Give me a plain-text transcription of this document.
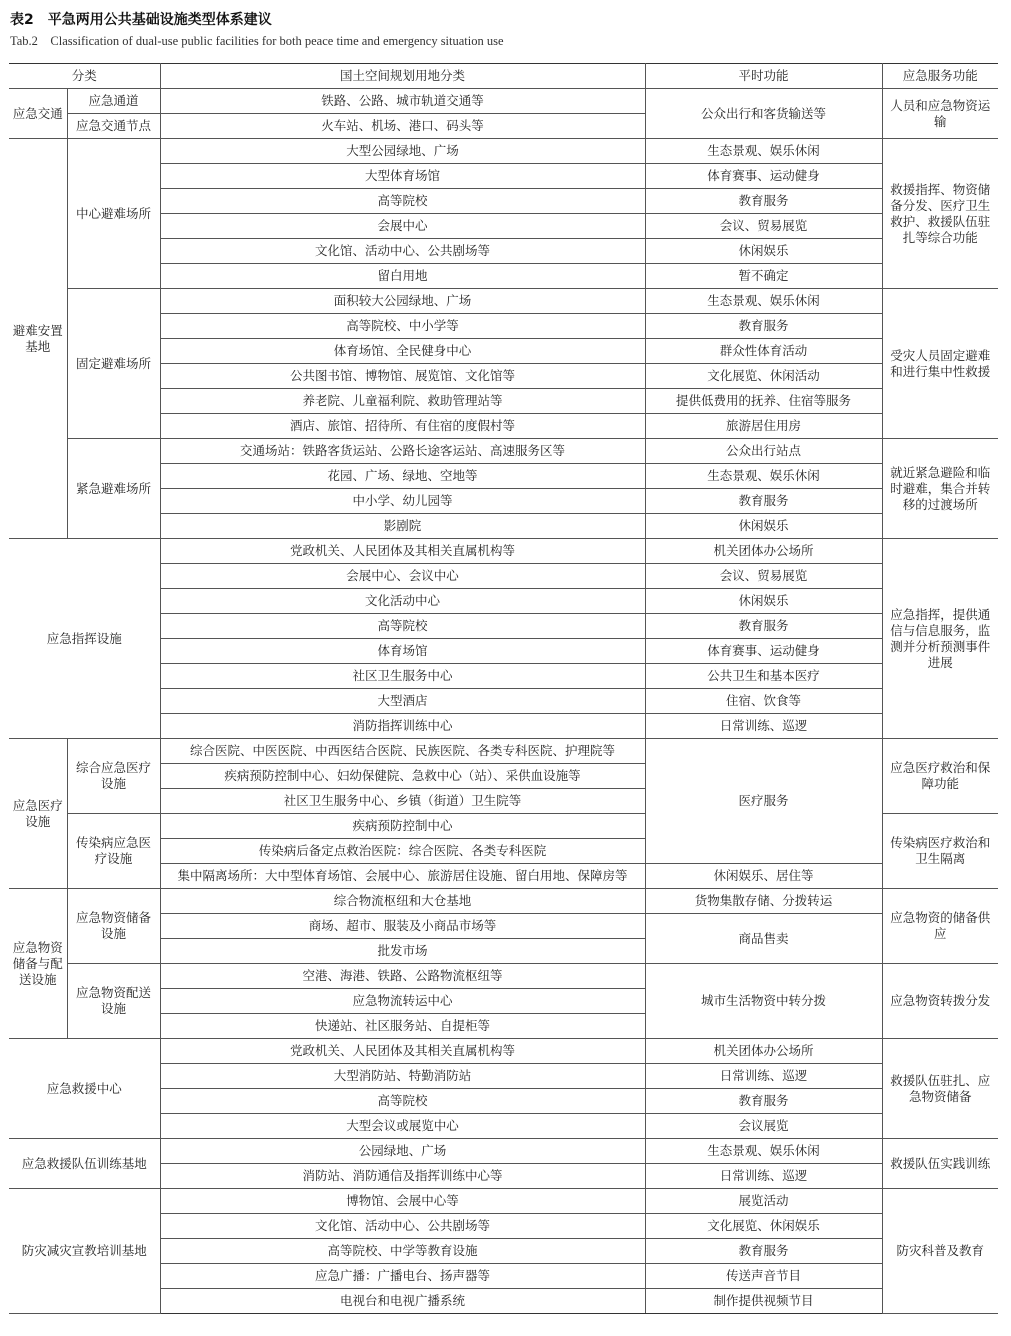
表2　平急两用公共基础设施类型体系建议
Tab.2　Classification of dual-use public facilities for both peace time and emergency situation use
分类		国土空间规划用地分类	平时功能	应急服务功能
应急交通	应急通道	铁路、公路、城市轨道交通等	公众出行和客货输送等	人员和应急物资运输
	应急交通节点	火车站、机场、港口、码头等		
避难安置基地	中心避难场所	大型公园绿地、广场	生态景观、娱乐休闲	救援指挥、物资储备分发、医疗卫生救护、救援队伍驻扎等综合功能
		大型体育场馆	体育赛事、运动健身	
		高等院校	教育服务	
		会展中心	会议、贸易展览	
		文化馆、活动中心、公共剧场等	休闲娱乐	
		留白用地	暂不确定	
	固定避难场所	面积较大公园绿地、广场	生态景观、娱乐休闲	受灾人员固定避难和进行集中性救援
		高等院校、中小学等	教育服务	
		体育场馆、全民健身中心	群众性体育活动	
		公共图书馆、博物馆、展览馆、文化馆等	文化展览、休闲活动	
		养老院、儿童福利院、救助管理站等	提供低费用的抚养、住宿等服务	
		酒店、旅馆、招待所、有住宿的度假村等	旅游居住用房	
	紧急避难场所	交通场站：铁路客货运站、公路长途客运站、高速服务区等	公众出行站点	就近紧急避险和临时避难，集合并转移的过渡场所
		花园、广场、绿地、空地等	生态景观、娱乐休闲	
		中小学、幼儿园等	教育服务	
		影剧院	休闲娱乐	
应急指挥设施		党政机关、人民团体及其相关直属机构等	机关团体办公场所	应急指挥，提供通信与信息服务，监测并分析预测事件进展
		会展中心、会议中心	会议、贸易展览	
		文化活动中心	休闲娱乐	
		高等院校	教育服务	
		体育场馆	体育赛事、运动健身	
		社区卫生服务中心	公共卫生和基本医疗	
		大型酒店	住宿、饮食等	
		消防指挥训练中心	日常训练、巡逻	
应急医疗设施	综合应急医疗设施	综合医院、中医医院、中西医结合医院、民族医院、各类专科医院、护理院等	医疗服务	应急医疗救治和保障功能
		疾病预防控制中心、妇幼保健院、急救中心（站）、采供血设施等		
		社区卫生服务中心、乡镇（街道）卫生院等		
	传染病应急医疗设施	疾病预防控制中心		传染病医疗救治和卫生隔离
		传染病后备定点救治医院：综合医院、各类专科医院		
		集中隔离场所：大中型体育场馆、会展中心、旅游居住设施、留白用地、保障房等	休闲娱乐、居住等	
应急物资储备与配送设施	应急物资储备设施	综合物流枢纽和大仓基地	货物集散存储、分拨转运	应急物资的储备供应
		商场、超市、服装及小商品市场等	商品售卖	
		批发市场		
	应急物资配送设施	空港、海港、铁路、公路物流枢纽等	城市生活物资中转分拨	应急物资转拨分发
		应急物流转运中心		
		快递站、社区服务站、自提柜等		
应急救援中心		党政机关、人民团体及其相关直属机构等	机关团体办公场所	救援队伍驻扎、应急物资储备
		大型消防站、特勤消防站	日常训练、巡逻	
		高等院校	教育服务	
		大型会议或展览中心	会议展览	
应急救援队伍训练基地		公园绿地、广场	生态景观、娱乐休闲	救援队伍实践训练
		消防站、消防通信及指挥训练中心等	日常训练、巡逻	
防灾减灾宣教培训基地		博物馆、会展中心等	展览活动	防灾科普及教育
		文化馆、活动中心、公共剧场等	文化展览、休闲娱乐	
		高等院校、中学等教育设施	教育服务	
		应急广播：广播电台、扬声器等	传送声音节目	
		电视台和电视广播系统	制作提供视频节目	
